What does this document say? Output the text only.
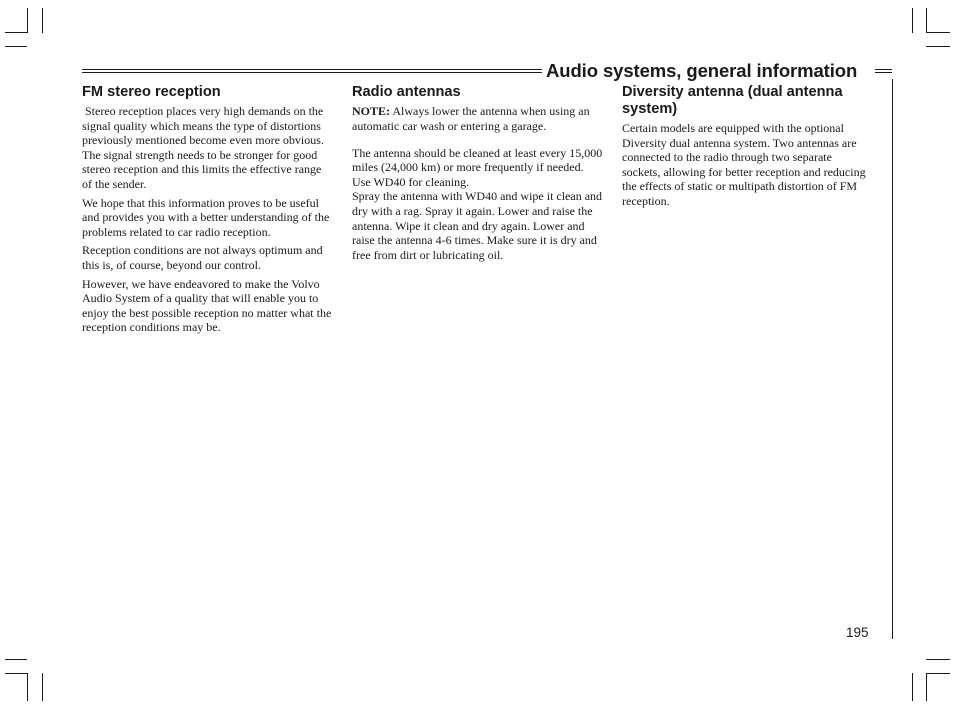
Audio systems, general information
FM stereo reception

Stereo reception places very high demands on the signal quality which means the type of distortions previously mentioned become even more obvious. The signal strength needs to be stronger for good stereo reception and this limits the effective range of the sender.

We hope that this information proves to be useful and provides you with a better understanding of the problems related to car radio reception.

Reception conditions are not always optimum and this is, of course, beyond our control.

However, we have endeavored to make the Volvo Audio System of a quality that will enable you to enjoy the best possible reception no matter what the reception conditions may be.

Radio antennas

NOTE: Always lower the antenna when using an automatic car wash or entering a garage.

The antenna should be cleaned at least every 15,000 miles (24,000 km) or more frequently if needed. Use WD40 for cleaning.

Spray the antenna with WD40 and wipe it clean and dry with a rag. Spray it again. Lower and raise the antenna. Wipe it clean and dry again. Lower and raise the antenna 4-6 times. Make sure it is dry and free from dirt or lubricating oil.

Diversity antenna (dual antenna system)

Certain models are equipped with the optional Diversity dual antenna system. Two antennas are connected to the radio through two separate sockets, allowing for better reception and reducing the effects of static or multipath distortion of FM reception.

195
